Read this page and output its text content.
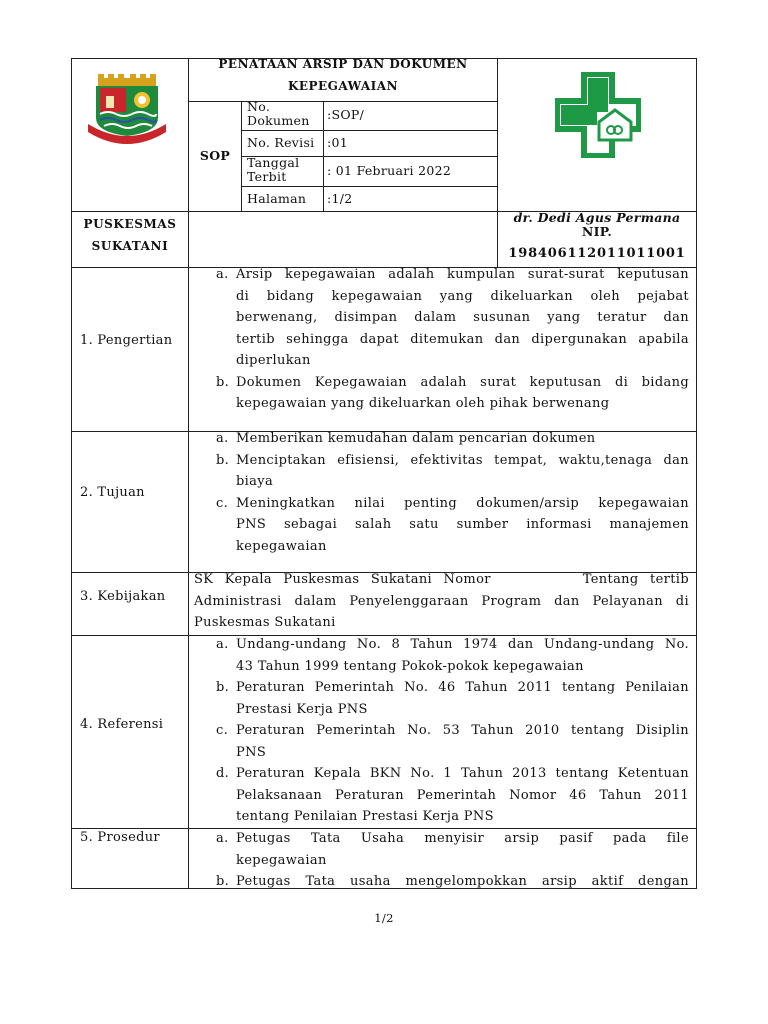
PENATAAN ARSIP DAN DOKUMEN
KEPEGAWAIAN
SOP
No.
Dokumen :SOP/
No. Revisi :01
Tanggal
Terbit	: 01 Februari 2022
Halaman :1/2
PUSKESMAS
SUKATANI
dr. Dedi Agus Permana
NIP.
198406112011011001
1. Pengertian
2. Tujuan
3. Kebijakan
4. Referensi
5. Prosedur
a. Arsip kepegawaian adalah kumpulan surat-surat keputusan
di bidang kepegawaian yang dikeluarkan oleh pejabat
berwenang, disimpan dalam susunan yang teratur dan
tertib sehingga dapat ditemukan dan dipergunakan apabila
diperlukan
b. Dokumen Kepegawaian adalah surat keputusan di bidang
kepegawaian yang dikeluarkan oleh pihak berwenang
a. Memberikan kemudahan dalam pencarian dokumen
b. Menciptakan efisiensi, efektivitas tempat, waktu,tenaga dan
biaya
c. Meningkatkan nilai penting dokumen/arsip kepegawaian
PNS sebagai salah satu sumber informasi manajemen
kepegawaian
SK Kepala Puskesmas Sukatani Nomor        Tentang tertib
Administrasi dalam Penyelenggaraan Program dan Pelayanan di
Puskesmas Sukatani
a. Undang-undang No. 8 Tahun 1974 dan Undang-undang No.
43 Tahun 1999 tentang Pokok-pokok kepegawaian
b. Peraturan Pemerintah No. 46 Tahun 2011 tentang Penilaian
Prestasi Kerja PNS
c. Peraturan Pemerintah No. 53 Tahun 2010 tentang Disiplin
PNS
d. Peraturan Kepala BKN No. 1 Tahun 2013 tentang Ketentuan
Pelaksanaan Peraturan Pemerintah Nomor 46 Tahun 2011
tentang Penilaian Prestasi Kerja PNS
a. Petugas Tata Usaha menyisir arsip pasif pada file
kepegawaian
b. Petugas Tata usaha mengelompokkan arsip aktif dengan
1/2
